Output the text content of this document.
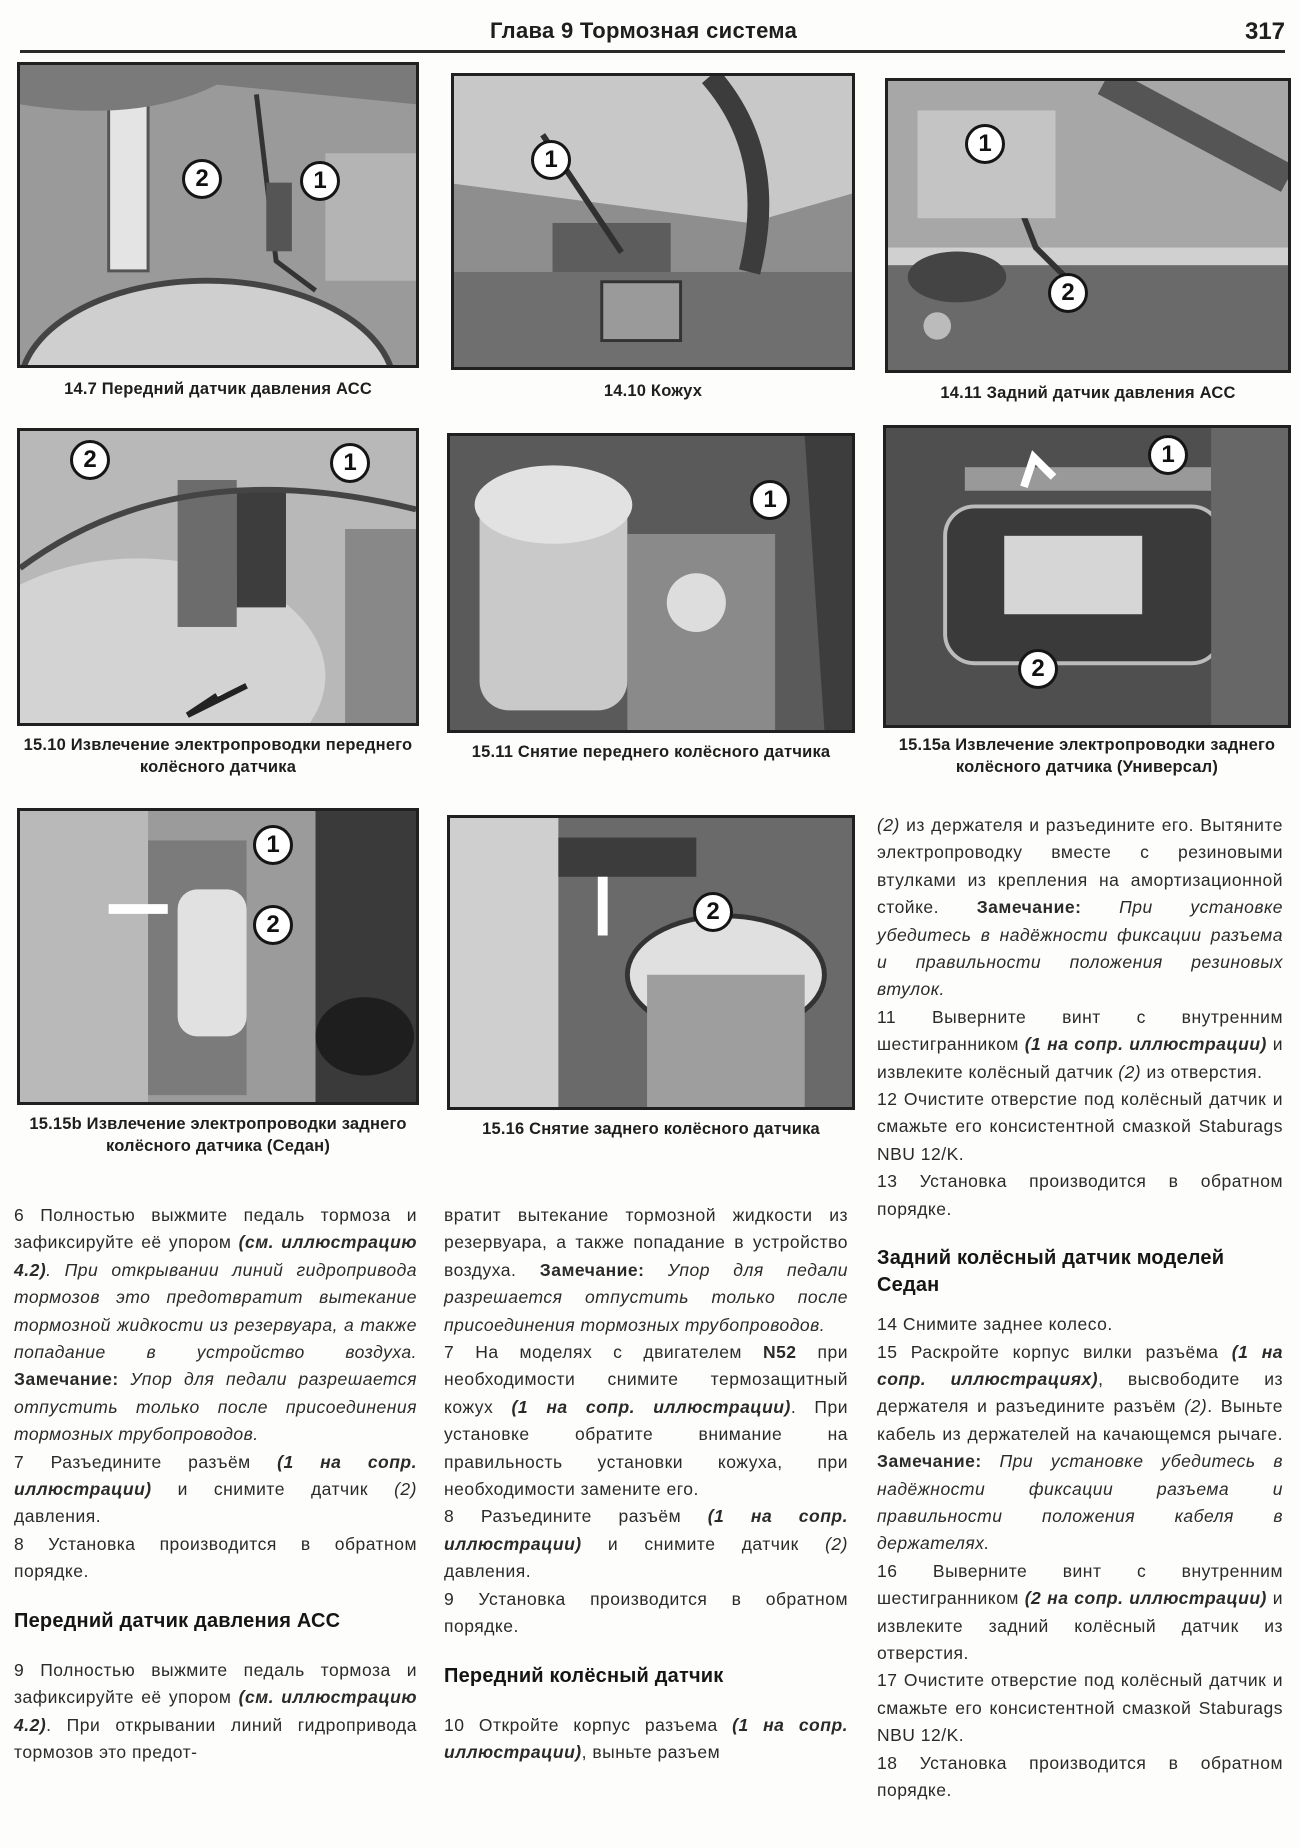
Глава 9 Тормозная система	317
2	1
14.7 Передний датчик давления АСС
1
14.10 Кожух
1
2
14.11 Задний датчик давления АСС
2	1
15.10 Извлечение электропроводки переднего колёсного датчика
1
15.11 Снятие переднего колёсного датчика
1
2
15.15а Извлечение электропроводки заднего колёсного датчика (Универсал)
1
2
15.15b Извлечение электропроводки заднего колёсного датчика (Седан)
2
15.16 Снятие заднего колёсного датчика

6 Полностью выжмите педаль тормоза и зафиксируйте её упором (см. иллюстрацию 4.2). При открывании линий гидропривода тормозов это предотвратит вытекание тормозной жидкости из резервуара, а также попадание в устройство воздуха. Замечание: Упор для педали разрешается отпустить только после присоединения тормозных трубопроводов.

7 Разъедините разъём (1 на сопр. иллюстрации) и снимите датчик (2) давления.

8 Установка производится в обратном порядке.

Передний датчик давления АСС

9 Полностью выжмите педаль тормоза и зафиксируйте её упором (см. иллюстрацию 4.2). При открывании линий гидропривода тормозов это предот-

вратит вытекание тормозной жидкости из резервуара, а также попадание в устройство воздуха. Замечание: Упор для педали разрешается отпустить только после присоединения тормозных трубопроводов.

7 На моделях с двигателем N52 при необходимости снимите термозащитный кожух (1 на сопр. иллюстрации). При установке обратите внимание на правильность установки кожуха, при необходимости замените его.

8 Разъедините разъём (1 на сопр. иллюстрации) и снимите датчик (2) давления.

9 Установка производится в обратном порядке.

Передний колёсный датчик

10 Откройте корпус разъема (1 на сопр. иллюстрации), выньте разъем

(2) из держателя и разъедините его. Вытяните электропроводку вместе с резиновыми втулками из крепления на амортизационной стойке. Замечание: При установке убедитесь в надёжности фиксации разъема и правильности положения резиновых втулок.

11 Выверните винт с внутренним шестигранником (1 на сопр. иллюстрации) и извлеките колёсный датчик (2) из отверстия.

12 Очистите отверстие под колёсный датчик и смажьте его консистентной смазкой Staburags NBU 12/K.

13 Установка производится в обратном порядке.

Задний колёсный датчик моделей Седан

14 Снимите заднее колесо.

15 Раскройте корпус вилки разъёма (1 на сопр. иллюстрациях), высвободите из держателя и разъедините разъём (2). Выньте кабель из держателей на качающемся рычаге. Замечание: При установке убедитесь в надёжности фиксации разъема и правильности положения кабеля в держателях.

16 Выверните винт с внутренним шестигранником (2 на сопр. иллюстрации) и извлеките задний колёсный датчик из отверстия.

17 Очистите отверстие под колёсный датчик и смажьте его консистентной смазкой Staburags NBU 12/K.

18 Установка производится в обратном порядке.
